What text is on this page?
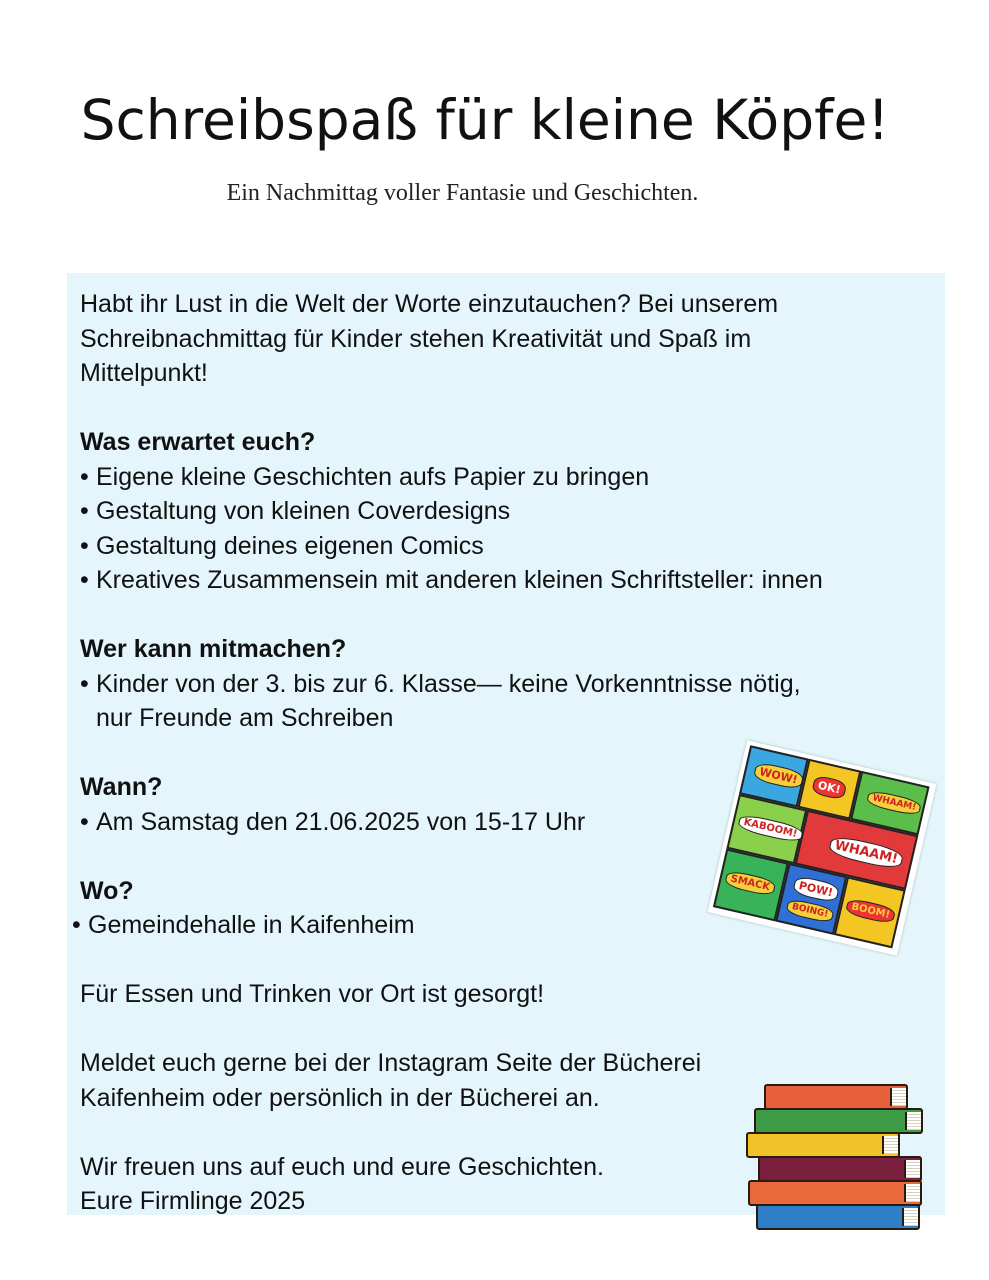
Schreibspaß für kleine Köpfe!
Ein Nachmittag voller Fantasie und Geschichten.

Habt ihr Lust in die Welt der Worte einzutauchen? Bei unserem

Schreibnachmittag für Kinder stehen Kreativität und Spaß im

Mittelpunkt!

Was erwartet euch?

• Eigene kleine Geschichten aufs Papier zu bringen

• Gestaltung von kleinen Coverdesigns

• Gestaltung deines eigenen Comics

• Kreatives Zusammensein mit anderen kleinen Schriftsteller: innen

Wer kann mitmachen?

• Kinder von der 3. bis zur 6. Klasse— keine Vorkenntnisse nötig,

nur Freunde am Schreiben

Wann?

• Am Samstag den 21.06.2025 von 15-17 Uhr

Wo?

• Gemeindehalle in Kaifenheim

Für Essen und Trinken vor Ort ist gesorgt!

Meldet euch gerne bei der Instagram Seite der Bücherei

Kaifenheim oder persönlich in der Bücherei an.

Wir freuen uns auf euch und eure Geschichten.

Eure Firmlinge 2025

WOW!
OK!
WHAAM!
KABOOM!
WHAAM!
SMACK	POW!
BOING!	BOOM!
